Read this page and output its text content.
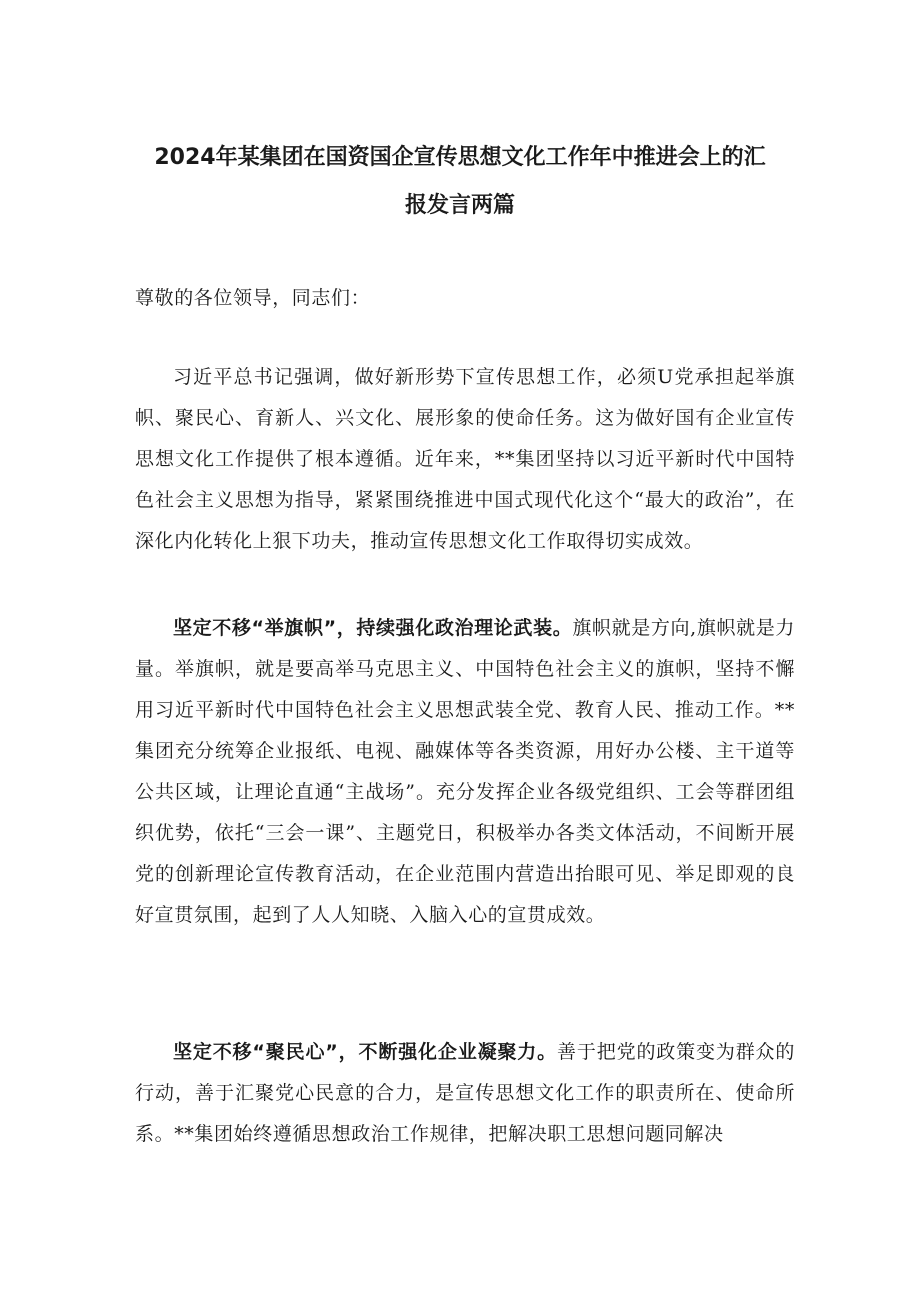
2024年某集团在国资国企宣传思想文化工作年中推进会上的汇
报发言两篇

尊敬的各位领导，同志们：

习近平总书记强调，做好新形势下宣传思想工作，必须U党承担起举旗帜、聚民心、育新人、兴文化、展形象的使命任务。这为做好国有企业宣传思想文化工作提供了根本遵循。近年来，**集团坚持以习近平新时代中国特色社会主义思想为指导，紧紧围绕推进中国式现代化这个“最大的政治”，在深化内化转化上狠下功夫，推动宣传思想文化工作取得切实成效。

坚定不移“举旗帜”，持续强化政治理论武装。旗帜就是方向,旗帜就是力量。举旗帜，就是要高举马克思主义、中国特色社会主义的旗帜，坚持不懈用习近平新时代中国特色社会主义思想武装全党、教育人民、推动工作。**集团充分统筹企业报纸、电视、融媒体等各类资源，用好办公楼、主干道等公共区域，让理论直通“主战场”。充分发挥企业各级党组织、工会等群团组织优势，依托“三会一课”、主题党日，积极举办各类文体活动，不间断开展党的创新理论宣传教育活动，在企业范围内营造出抬眼可见、举足即观的良好宣贯氛围，起到了人人知晓、入脑入心的宣贯成效。

坚定不移“聚民心”，不断强化企业凝聚力。善于把党的政策变为群众的行动，善于汇聚党心民意的合力，是宣传思想文化工作的职责所在、使命所系。**集团始终遵循思想政治工作规律，把解决职工思想问题同解决
